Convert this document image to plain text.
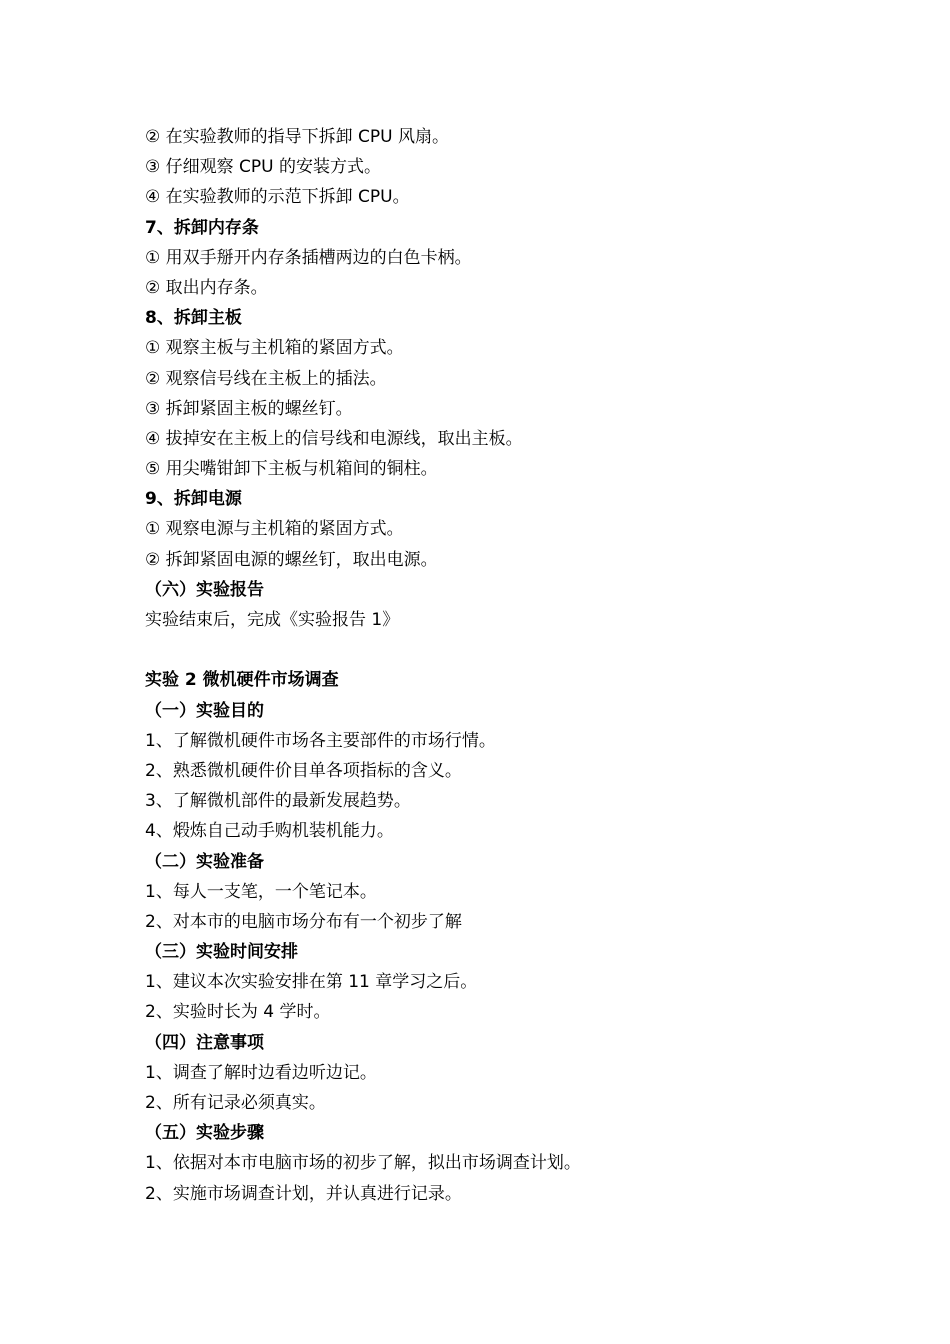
② 在实验教师的指导下拆卸 CPU 风扇。
③ 仔细观察 CPU 的安装方式。
④ 在实验教师的示范下拆卸 CPU。
7、拆卸内存条
① 用双手掰开内存条插槽两边的白色卡柄。
② 取出内存条。
8、拆卸主板
① 观察主板与主机箱的紧固方式。
② 观察信号线在主板上的插法。
③ 拆卸紧固主板的螺丝钉。
④ 拔掉安在主板上的信号线和电源线，取出主板。
⑤ 用尖嘴钳卸下主板与机箱间的铜柱。
9、拆卸电源
① 观察电源与主机箱的紧固方式。
② 拆卸紧固电源的螺丝钉，取出电源。
（六）实验报告
实验结束后，完成《实验报告 1》
实验 2 微机硬件市场调查
（一）实验目的
1、了解微机硬件市场各主要部件的市场行情。
2、熟悉微机硬件价目单各项指标的含义。
3、了解微机部件的最新发展趋势。
4、煅炼自己动手购机装机能力。
（二）实验准备
1、每人一支笔，一个笔记本。
2、对本市的电脑市场分布有一个初步了解
（三）实验时间安排
1、建议本次实验安排在第 11 章学习之后。
2、实验时长为 4 学时。
（四）注意事项
1、调查了解时边看边听边记。
2、所有记录必须真实。
（五）实验步骤
1、依据对本市电脑市场的初步了解，拟出市场调查计划。
2、实施市场调查计划，并认真进行记录。
